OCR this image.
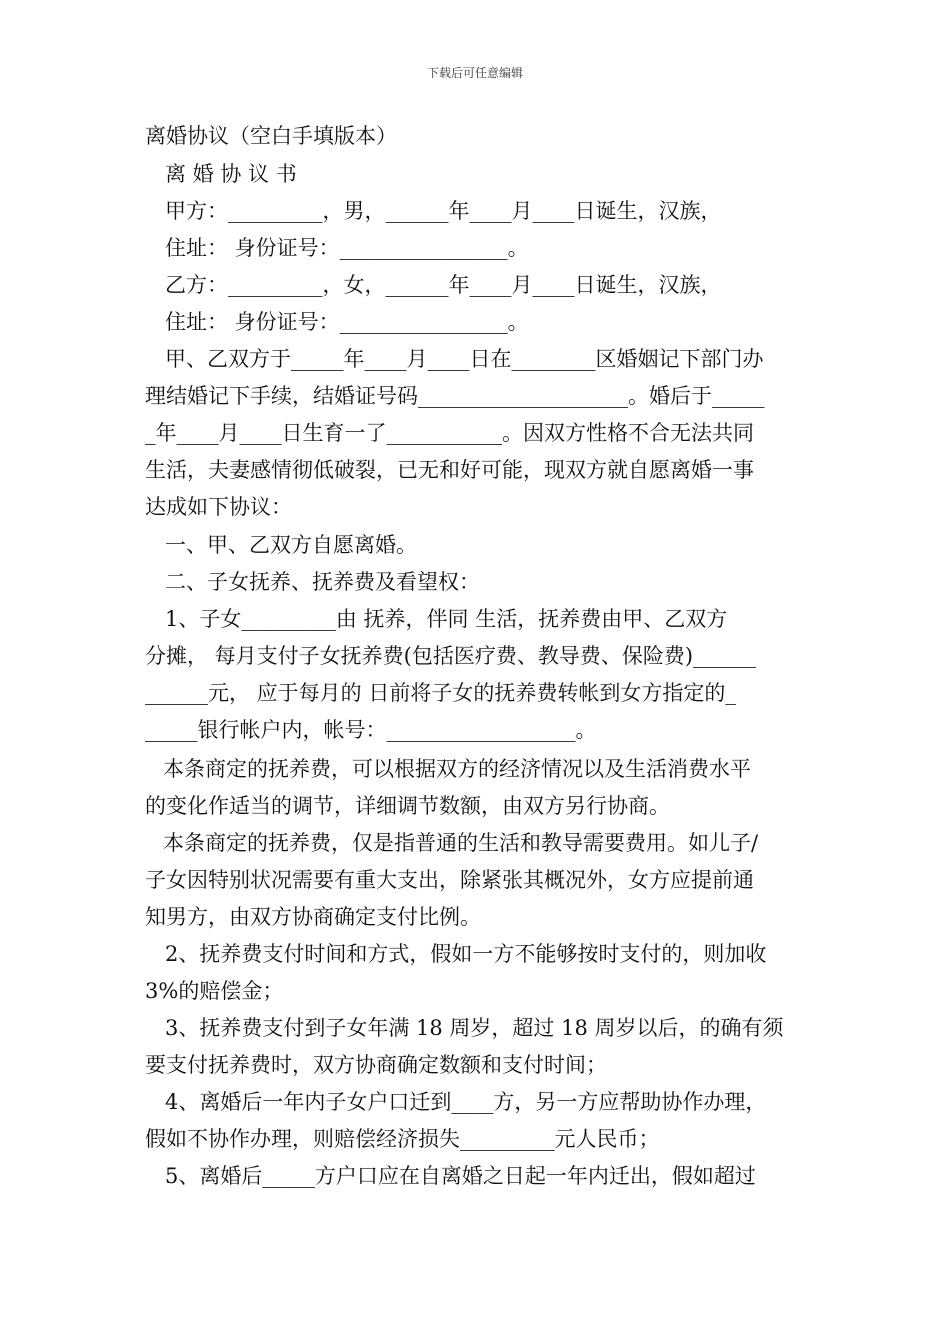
下载后可任意编辑
离婚协议（空白手填版本）
离 婚 协 议 书
甲方：_________，男，______年____月____日诞生，汉族，
住址： 身份证号：________________。
乙方：_________，女，______年____月____日诞生，汉族，
住址： 身份证号：________________。
甲、乙双方于_____年____月____日在________区婚姻记下部门办
理结婚记下手续，结婚证号码____________________。婚后于_____
_年____月____日生育一了___________。因双方性格不合无法共同
生活，夫妻感情彻低破裂，已无和好可能，现双方就自愿离婚一事
达成如下协议：
一、甲、乙双方自愿离婚。
二、子女抚养、抚养费及看望权：
1、子女_________由 抚养，伴同 生活，抚养费由甲、乙双方
分摊， 每月支付子女抚养费(包括医疗费、教导费、保险费)______
______元， 应于每月的 日前将子女的抚养费转帐到女方指定的_
_____银行帐户内，帐号：__________________。
本条商定的抚养费，可以根据双方的经济情况以及生活消费水平
的变化作适当的调节，详细调节数额，由双方另行协商。
本条商定的抚养费，仅是指普通的生活和教导需要费用。如儿子/
子女因特别状况需要有重大支出，除紧张其概况外，女方应提前通
知男方，由双方协商确定支付比例。
2、抚养费支付时间和方式，假如一方不能够按时支付的，则加收
3%的赔偿金；
3、抚养费支付到子女年满 18 周岁，超过 18 周岁以后，的确有须
要支付抚养费时，双方协商确定数额和支付时间；
4、离婚后一年内子女户口迁到____方，另一方应帮助协作办理，
假如不协作办理，则赔偿经济损失_________元人民币；
5、离婚后_____方户口应在自离婚之日起一年内迁出，假如超过
